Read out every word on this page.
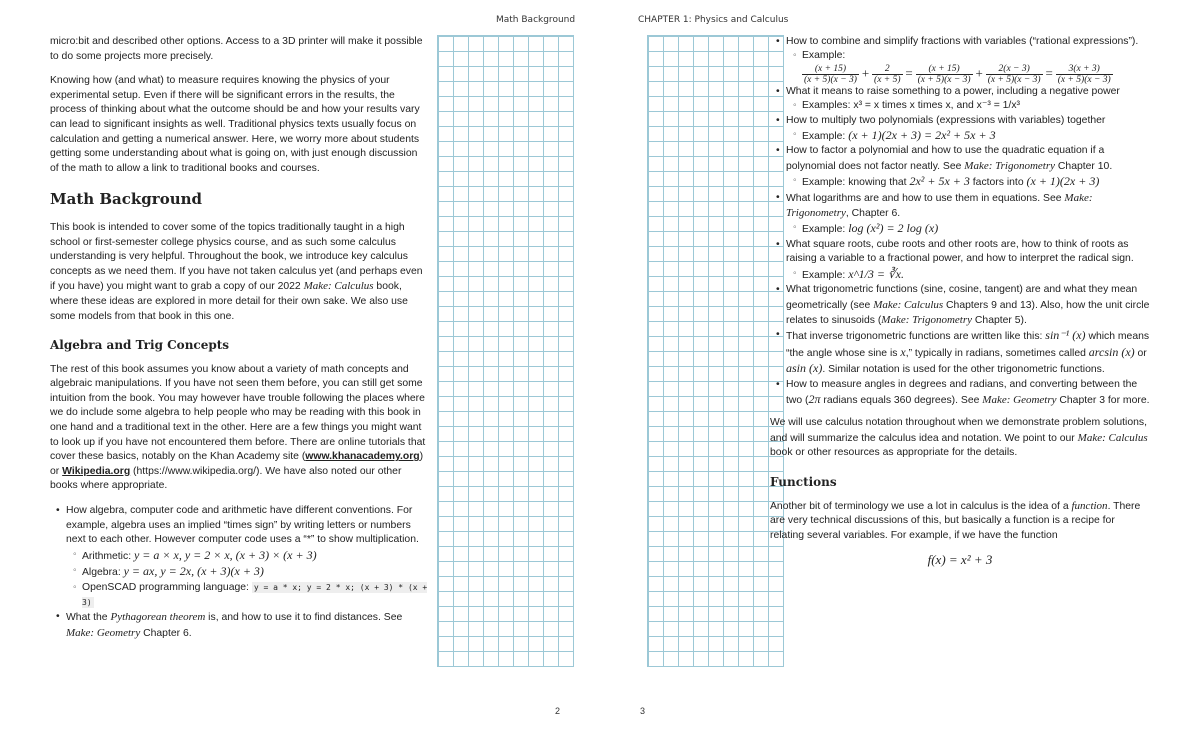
Math Background

micro:bit and described other options. Access to a 3D printer will make it possible to do some projects more precisely.

Knowing how (and what) to measure requires knowing the physics of your experimental setup. Even if there will be significant errors in the results, the process of thinking about what the outcome should be and how your results vary can lead to significant insights as well. Traditional physics texts usually focus on calculation and getting a numerical answer. Here, we worry more about students getting some understanding about what is going on, with just enough discussion of the math to allow a link to traditional books and courses.

Math Background

This book is intended to cover some of the topics traditionally taught in a high school or first-semester college physics course, and as such some calculus understanding is very helpful. Throughout the book, we introduce key calculus concepts as we need them. If you have not taken calculus yet (and perhaps even if you have) you might want to grab a copy of our 2022 Make: Calculus book, where these ideas are explored in more detail for their own sake. We also use some models from that book in this one.

Algebra and Trig Concepts

The rest of this book assumes you know about a variety of math concepts and algebraic manipulations. If you have not seen them before, you can still get some intuition from the book. You may however have trouble following the places where we do include some algebra to help people who may be reading with this book in one hand and a traditional text in the other. Here are a few things you might want to look up if you have not encountered them before. There are online tutorials that cover these basics, notably on the Khan Academy site (www.khanacademy.org) or Wikipedia.org (https://www.wikipedia.org/). We have also noted our other books where appropriate.

• How algebra, computer code and arithmetic have different conventions. For example, algebra uses an implied “times sign” by writing letters or numbers next to each other. However computer code uses a “*” to show multiplication.
◦ Arithmetic: y = a × x, y = 2 × x, (x + 3) × (x + 3)
◦ Algebra: y = ax, y = 2x, (x + 3)(x + 3)
◦ OpenSCAD programming language: y = a * x; y = 2 * x; (x + 3) * (x + 3)
• What the Pythagorean theorem is, and how to use it to find distances. See Make: Geometry Chapter 6.
2
CHAPTER 1: Physics and Calculus
• How to combine and simplify fractions with variables (“rational expressions”).
◦ Example:

$\frac{(x + 15)}{(x + 5)(x - 3)} + \frac{2}{(x + 5)} = \frac{(x + 15)}{(x + 5)(x - 3)} + \frac{2(x - 3)}{(x + 5)(x - 3)} = \frac{3(x + 3)}{(x + 5)(x - 3)}$
• What it means to raise something to a power, including a negative power
◦ Examples: x³ = x times x times x, and x⁻³ = 1/x³
• How to multiply two polynomials (expressions with variables) together
◦ Example: (x + 1)(2x + 3) = 2x² + 5x + 3
• How to factor a polynomial and how to use the quadratic equation if a polynomial does not factor neatly. See Make: Trigonometry Chapter 10.
◦ Example: knowing that 2x² + 5x + 3 factors into (x + 1)(2x + 3)
• What logarithms are and how to use them in equations. See Make: Trigonometry, Chapter 6.
◦ Example: log (x²) = 2 log (x)
• What square roots, cube roots and other roots are, how to think of roots as raising a variable to a fractional power, and how to interpret the radical sign.
◦ Example: x^1/3 = ∛x.
• What trigonometric functions (sine, cosine, tangent) are and what they mean geometrically (see Make: Calculus Chapters 9 and 13). Also, how the unit circle relates to sinusoids (Make: Trigonometry Chapter 5).
• That inverse trigonometric functions are written like this: sin⁻¹ (x) which means “the angle whose sine is x,” typically in radians, sometimes called arcsin (x) or asin (x). Similar notation is used for the other trigonometric functions.
• How to measure angles in degrees and radians, and converting between the two (2π radians equals 360 degrees). See Make: Geometry Chapter 3 for more.

We will use calculus notation throughout when we demonstrate problem solutions, and will summarize the calculus idea and notation. We point to our Make: Calculus book or other resources as appropriate for the details.

Functions

Another bit of terminology we use a lot in calculus is the idea of a function. There are very technical discussions of this, but basically a function is a recipe for relating several variables. For example, if we have the function

f(x) = x² + 3
3
